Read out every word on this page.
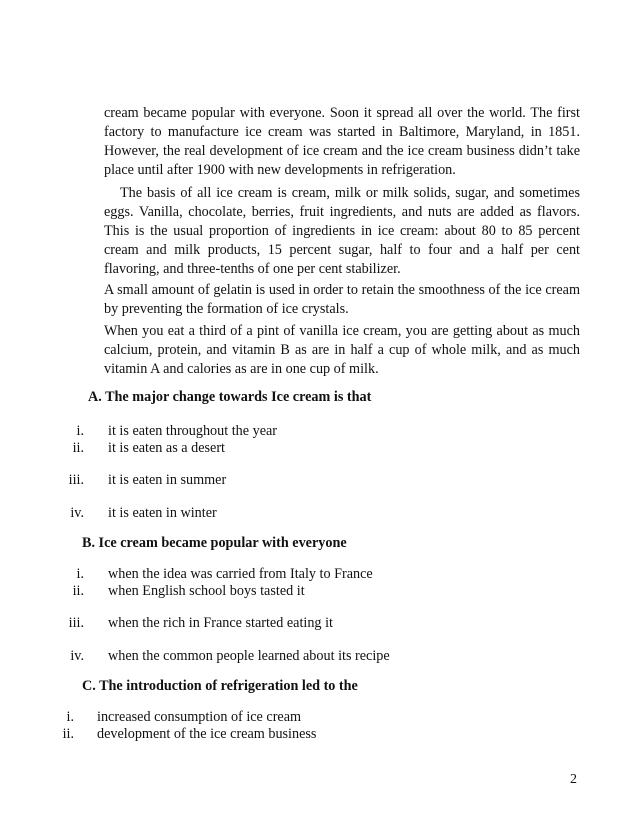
cream became popular with everyone. Soon it spread all over the world. The first factory to manufacture ice cream was started in Baltimore, Maryland, in 1851. However, the real development of ice cream and the ice cream business didn’t take place until after 1900 with new developments in refrigeration.

The basis of all ice cream is cream, milk or milk solids, sugar, and sometimes eggs. Vanilla, chocolate, berries, fruit ingredients, and nuts are added as flavors. This is the usual proportion of ingredients in ice cream: about 80 to 85 percent cream and milk products, 15 percent sugar, half to four and a half per cent flavoring, and three-tenths of one per cent stabilizer.

A small amount of gelatin is used in order to retain the smoothness of the ice cream by preventing the formation of ice crystals.

When you eat a third of a pint of vanilla ice cream, you are getting about as much calcium, protein, and vitamin B as are in half a cup of whole milk, and as much vitamin A and calories as are in one cup of milk.

A. The major change towards Ice cream is that

i. it is eaten throughout the year
ii. it is eaten as a desert
iii. it is eaten in summer
iv. it is eaten in winter

B. Ice cream became popular with everyone

i. when the idea was carried from Italy to France
ii. when English school boys tasted it
iii. when the rich in France started eating it
iv. when the common people learned about its recipe

C. The introduction of refrigeration led to the

i. increased consumption of ice cream
ii. development of the ice cream business
2
